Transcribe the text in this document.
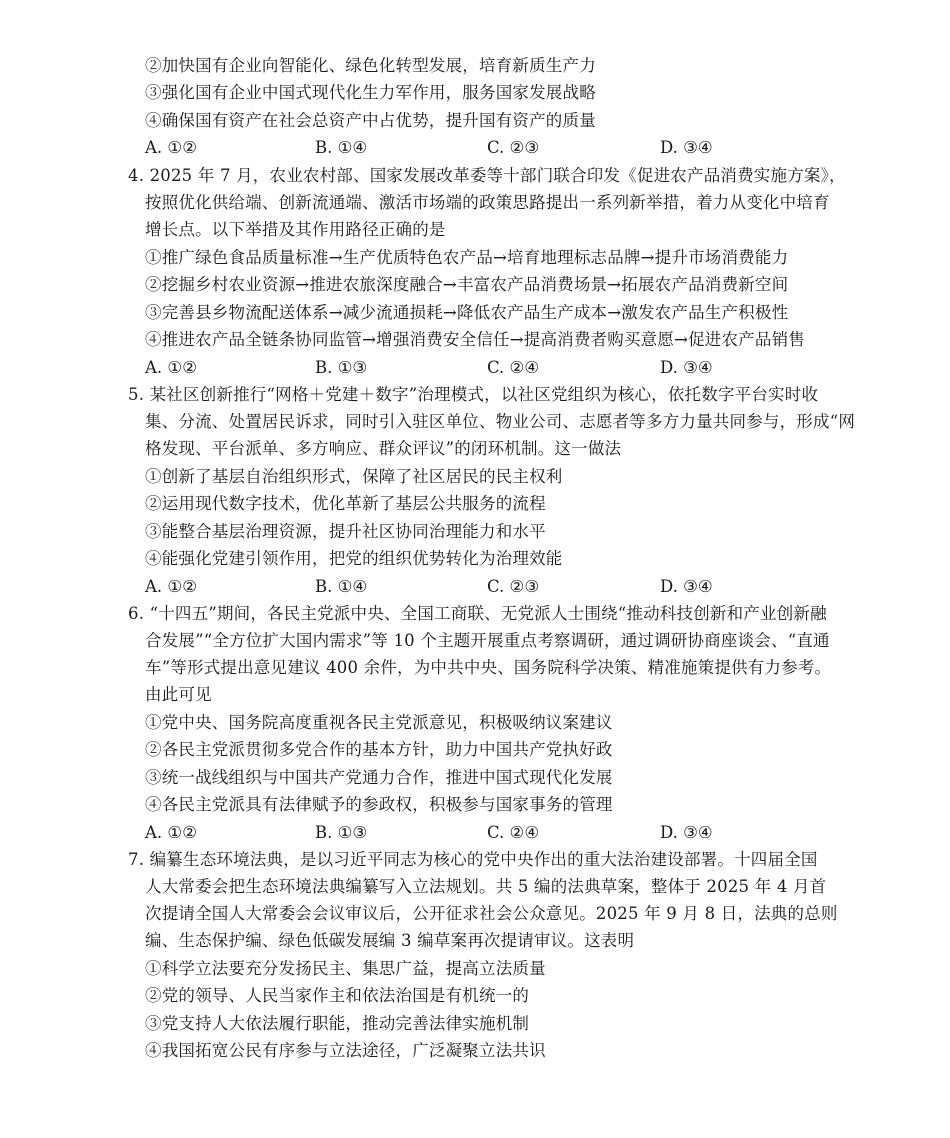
②加快国有企业向智能化、绿色化转型发展，培育新质生产力
③强化国有企业中国式现代化生力军作用，服务国家发展战略
④确保国有资产在社会总资产中占优势，提升国有资产的质量
A. ①②	B. ①④	C. ②③	D. ③④
4. 2025 年 7 月，农业农村部、国家发展改革委等十部门联合印发《促进农产品消费实施方案》，
按照优化供给端、创新流通端、激活市场端的政策思路提出一系列新举措，着力从变化中培育
增长点。以下举措及其作用路径正确的是
①推广绿色食品质量标准→生产优质特色农产品→培育地理标志品牌→提升市场消费能力
②挖掘乡村农业资源→推进农旅深度融合→丰富农产品消费场景→拓展农产品消费新空间
③完善县乡物流配送体系→减少流通损耗→降低农产品生产成本→激发农产品生产积极性
④推进农产品全链条协同监管→增强消费安全信任→提高消费者购买意愿→促进农产品销售
A. ①②	B. ①③	C. ②④	D. ③④
5. 某社区创新推行“网格＋党建＋数字”治理模式，以社区党组织为核心，依托数字平台实时收
集、分流、处置居民诉求，同时引入驻区单位、物业公司、志愿者等多方力量共同参与，形成“网
格发现、平台派单、多方响应、群众评议”的闭环机制。这一做法
①创新了基层自治组织形式，保障了社区居民的民主权利
②运用现代数字技术，优化革新了基层公共服务的流程
③能整合基层治理资源，提升社区协同治理能力和水平
④能强化党建引领作用，把党的组织优势转化为治理效能
A. ①②	B. ①④	C. ②③	D. ③④
6. “十四五”期间，各民主党派中央、全国工商联、无党派人士围绕“推动科技创新和产业创新融
合发展”“全方位扩大国内需求”等 10 个主题开展重点考察调研，通过调研协商座谈会、“直通
车”等形式提出意见建议 400 余件，为中共中央、国务院科学决策、精准施策提供有力参考。
由此可见
①党中央、国务院高度重视各民主党派意见，积极吸纳议案建议
②各民主党派贯彻多党合作的基本方针，助力中国共产党执好政
③统一战线组织与中国共产党通力合作，推进中国式现代化发展
④各民主党派具有法律赋予的参政权，积极参与国家事务的管理
A. ①②	B. ①③	C. ②④	D. ③④
7. 编纂生态环境法典，是以习近平同志为核心的党中央作出的重大法治建设部署。十四届全国
人大常委会把生态环境法典编纂写入立法规划。共 5 编的法典草案，整体于 2025 年 4 月首
次提请全国人大常委会会议审议后，公开征求社会公众意见。2025 年 9 月 8 日，法典的总则
编、生态保护编、绿色低碳发展编 3 编草案再次提请审议。这表明
①科学立法要充分发扬民主、集思广益，提高立法质量
②党的领导、人民当家作主和依法治国是有机统一的
③党支持人大依法履行职能，推动完善法律实施机制
④我国拓宽公民有序参与立法途径，广泛凝聚立法共识
